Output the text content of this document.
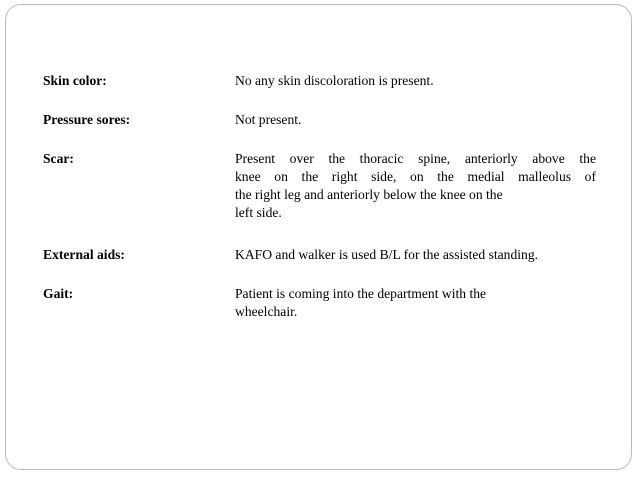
Skin color:	No any skin discoloration is present.
Pressure sores:	Not present.
Scar:	Present over the thoracic spine, anteriorly above the
knee on the right side, on the medial malleolus of
the right leg and anteriorly below the knee on the
left side.
External aids:	KAFO and walker is used B/L for the assisted standing.
Gait:	Patient is coming into the department with the
wheelchair.
